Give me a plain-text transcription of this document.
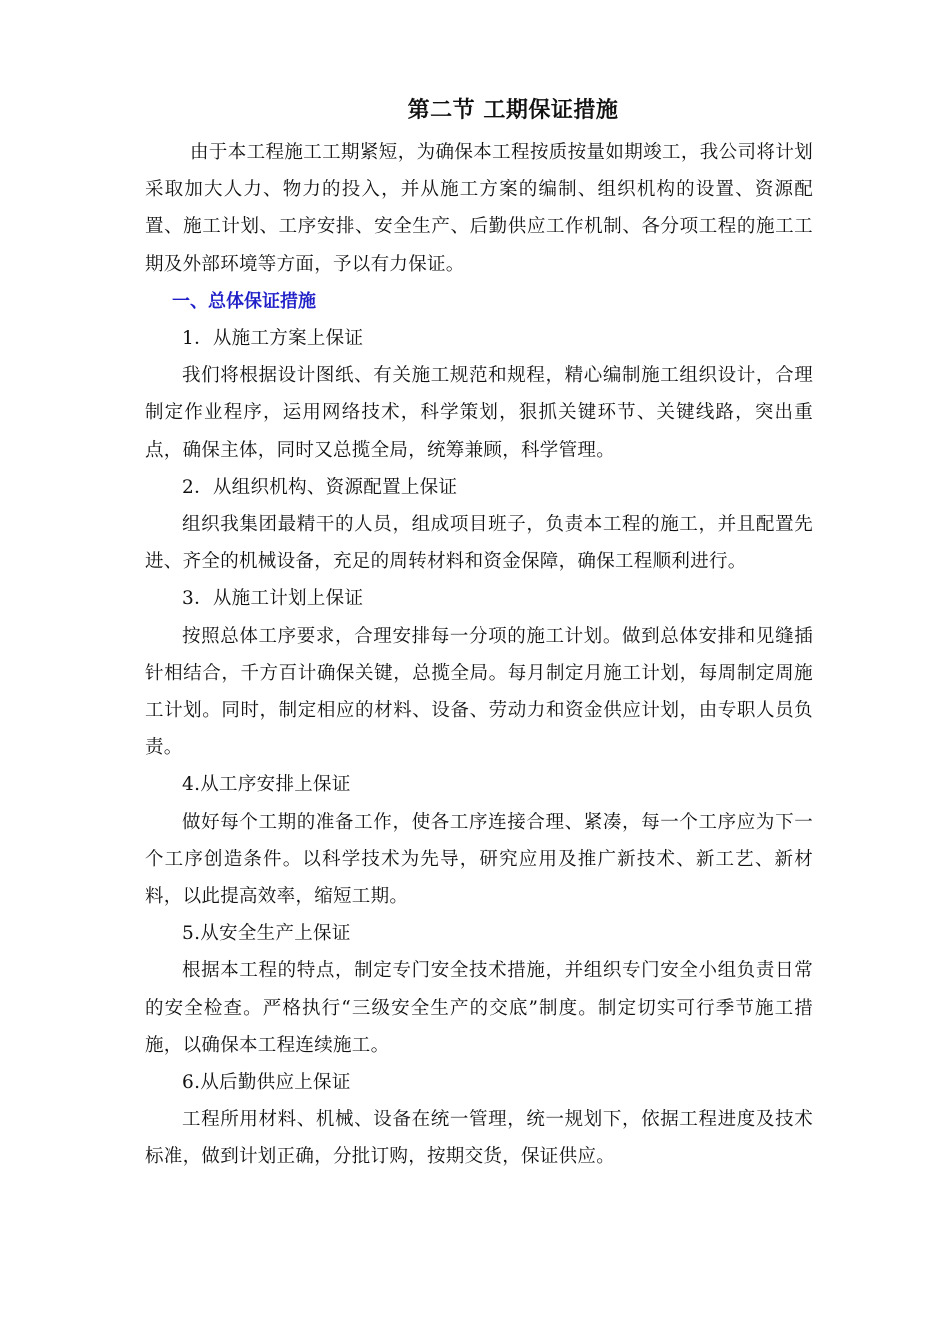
第二节 工期保证措施

由于本工程施工工期紧短，为确保本工程按质按量如期竣工，我公司将计划采取加大人力、物力的投入，并从施工方案的编制、组织机构的设置、资源配置、施工计划、工序安排、安全生产、后勤供应工作机制、各分项工程的施工工期及外部环境等方面，予以有力保证。

一、总体保证措施

1．从施工方案上保证

我们将根据设计图纸、有关施工规范和规程，精心编制施工组织设计，合理制定作业程序，运用网络技术，科学策划，狠抓关键环节、关键线路，突出重点，确保主体，同时又总揽全局，统筹兼顾，科学管理。

2．从组织机构、资源配置上保证

组织我集团最精干的人员，组成项目班子，负责本工程的施工，并且配置先进、齐全的机械设备，充足的周转材料和资金保障，确保工程顺利进行。

3．从施工计划上保证

按照总体工序要求，合理安排每一分项的施工计划。做到总体安排和见缝插针相结合，千方百计确保关键，总揽全局。每月制定月施工计划，每周制定周施工计划。同时，制定相应的材料、设备、劳动力和资金供应计划，由专职人员负责。

4.从工序安排上保证

做好每个工期的准备工作，使各工序连接合理、紧凑，每一个工序应为下一个工序创造条件。以科学技术为先导，研究应用及推广新技术、新工艺、新材料，以此提高效率，缩短工期。

5.从安全生产上保证

根据本工程的特点，制定专门安全技术措施，并组织专门安全小组负责日常的安全检查。严格执行“三级安全生产的交底”制度。制定切实可行季节施工措施，以确保本工程连续施工。

6.从后勤供应上保证

工程所用材料、机械、设备在统一管理，统一规划下，依据工程进度及技术标准，做到计划正确，分批订购，按期交货，保证供应。
